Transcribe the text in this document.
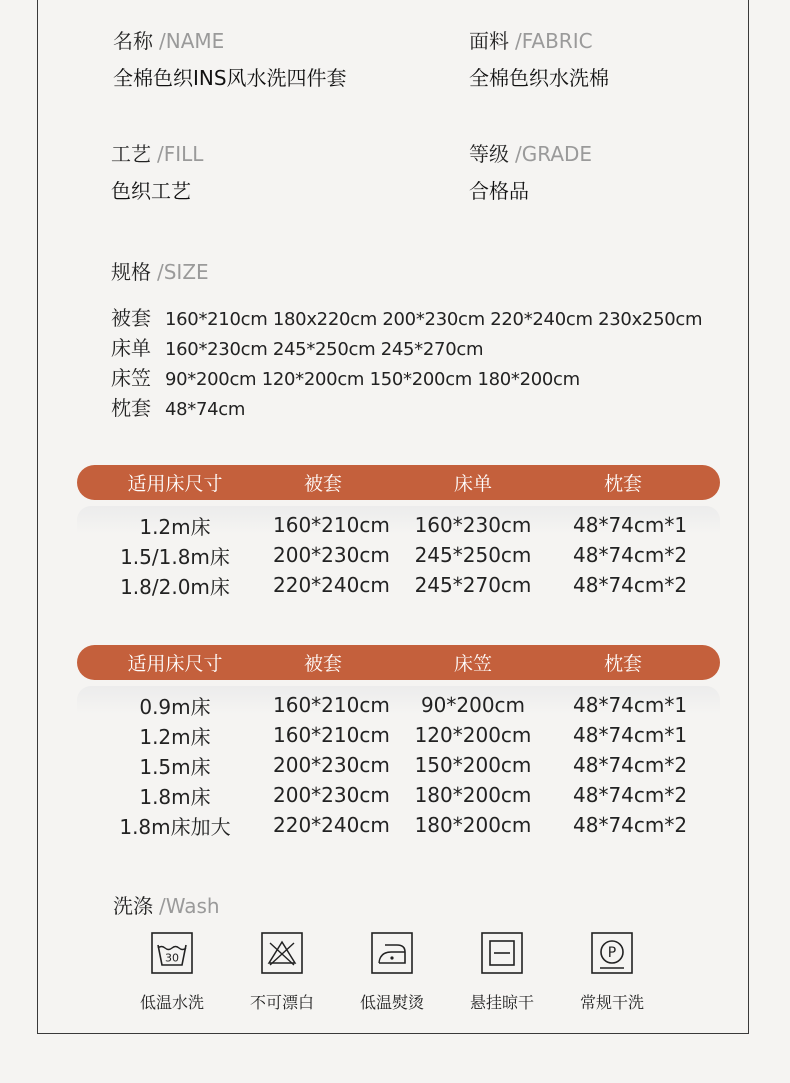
名称 /NAME
全棉色织INS风水洗四件套
面料 /FABRIC
全棉色织水洗棉
工艺 /FILL
色织工艺
等级 /GRADE
合格品
规格 /SIZE
被套 160*210cm 180x220cm 200*230cm 220*240cm 230x250cm
床单 160*230cm 245*250cm 245*270cm
床笠 90*200cm 120*200cm 150*200cm 180*200cm
枕套 48*74cm
适用床尺寸	被套	床单	枕套
1.2m床	160*210cm	160*230cm	48*74cm*1
1.5/1.8m床	200*230cm	245*250cm	48*74cm*2
1.8/2.0m床	220*240cm	245*270cm	48*74cm*2
适用床尺寸	被套	床笠	枕套
0.9m床	160*210cm	90*200cm	48*74cm*1
1.2m床	160*210cm	120*200cm	48*74cm*1
1.5m床	200*230cm	150*200cm	48*74cm*2
1.8m床	200*230cm	180*200cm	48*74cm*2
1.8m床加大	220*240cm	180*200cm	48*74cm*2
洗涤 /Wash
30
低温水洗	不可漂白	低温熨烫	悬挂晾干
P
常规干洗
